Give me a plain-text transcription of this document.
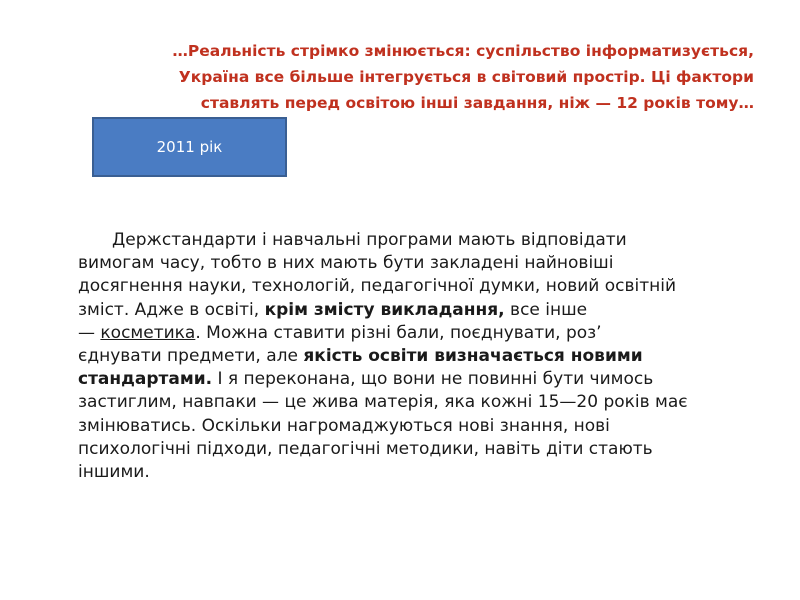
…Реальність стрімко змінюється: суспільство інформатизується,
Україна все більше інтегрується в світовий простір. Ці фактори
ставлять перед освітою інші завдання, ніж — 12 років тому…
2011 рік
Держстандарти і навчальні програми мають відповідати
вимогам часу, тобто в них мають бути закладені найновіші
досягнення науки, технологій, педагогічної думки, новий освітній
зміст. Адже в освіті, крім змісту викладання, все інше
— косметика. Можна ставити різні бали, поєднувати, роз’
єднувати предмети, але якість освіти визначається новими
стандартами. І я переконана, що вони не повинні бути чимось
застиглим, навпаки — це жива матерія, яка кожні 15—20 років має
змінюватись. Оскільки нагромаджуються нові знання, нові
психологічні підходи, педагогічні методики, навіть діти стають
іншими.
